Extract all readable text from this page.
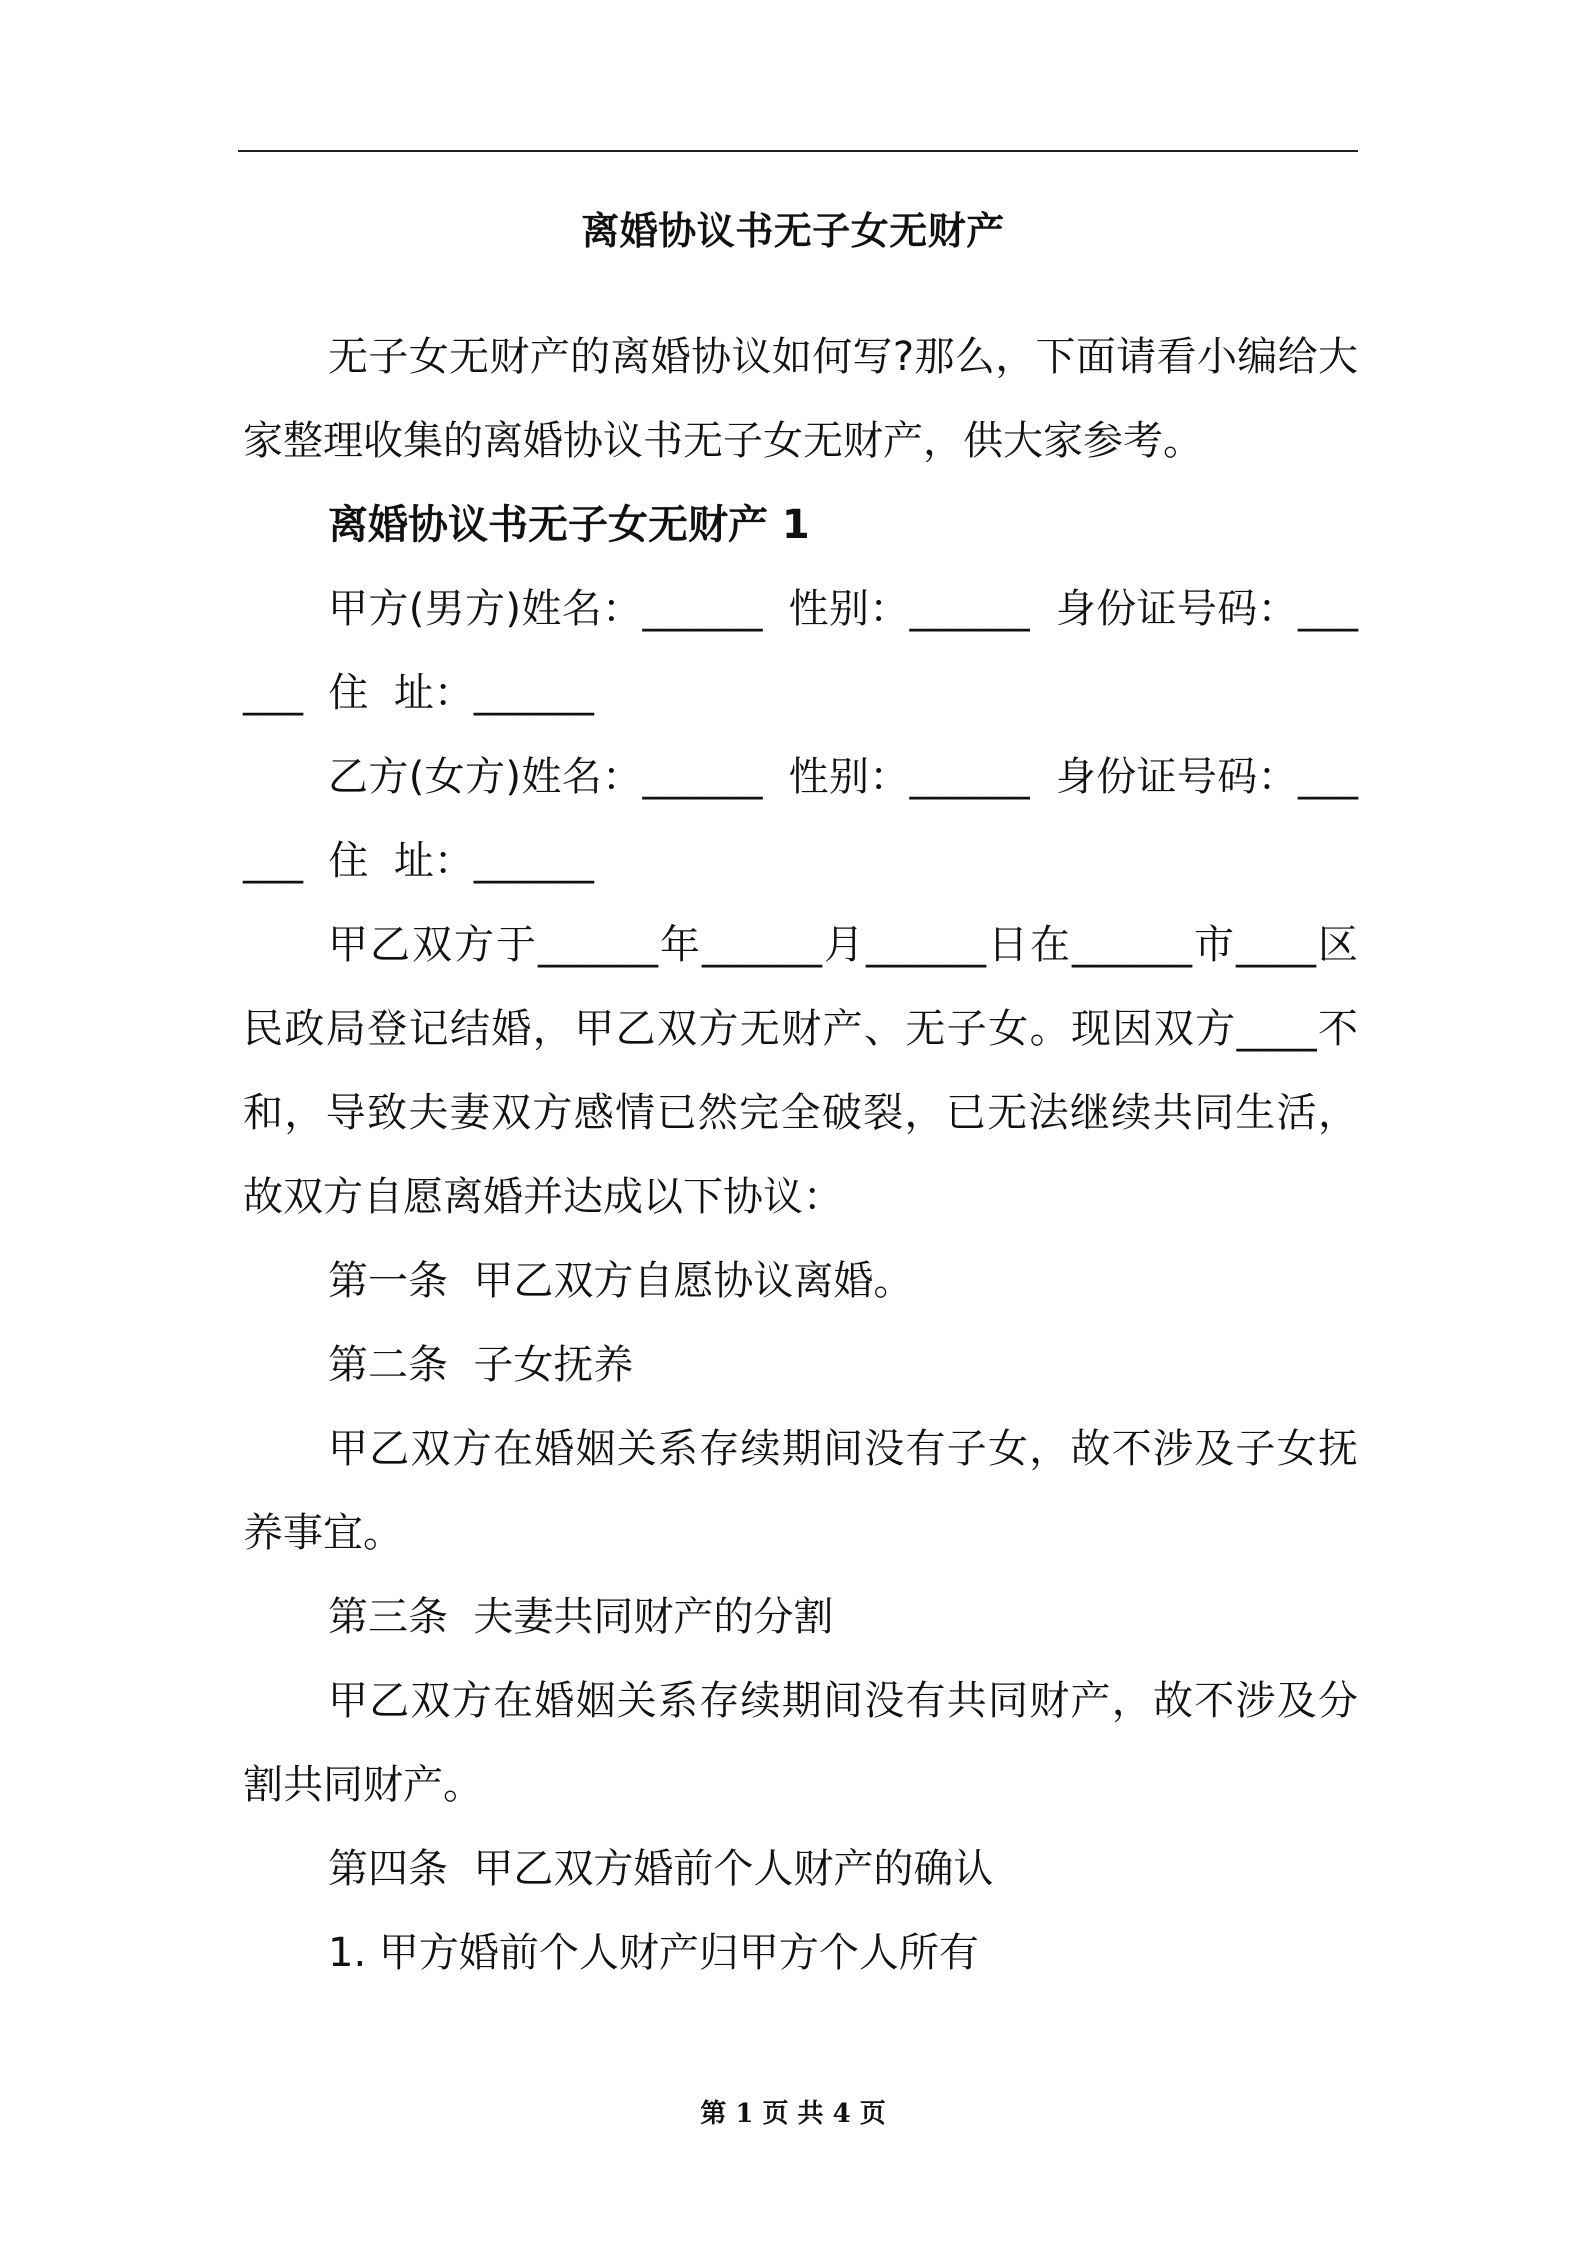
离婚协议书无子女无财产

无子女无财产的离婚协议如何写?那么，下面请看小编给大家整理收集的离婚协议书无子女无财产，供大家参考。

离婚协议书无子女无财产 1

甲方(男方)姓名：______  性别：______  身份证号码：______  住  址：______

乙方(女方)姓名：______  性别：______  身份证号码：______  住  址：______

甲乙双方于______年______月______日在______市____区民政局登记结婚，甲乙双方无财产、无子女。现因双方____不和，导致夫妻双方感情已然完全破裂，已无法继续共同生活，故双方自愿离婚并达成以下协议：

第一条  甲乙双方自愿协议离婚。

第二条  子女抚养

甲乙双方在婚姻关系存续期间没有子女，故不涉及子女抚养事宜。

第三条  夫妻共同财产的分割

甲乙双方在婚姻关系存续期间没有共同财产，故不涉及分割共同财产。

第四条  甲乙双方婚前个人财产的确认

1. 甲方婚前个人财产归甲方个人所有

第 1 页 共 4 页
